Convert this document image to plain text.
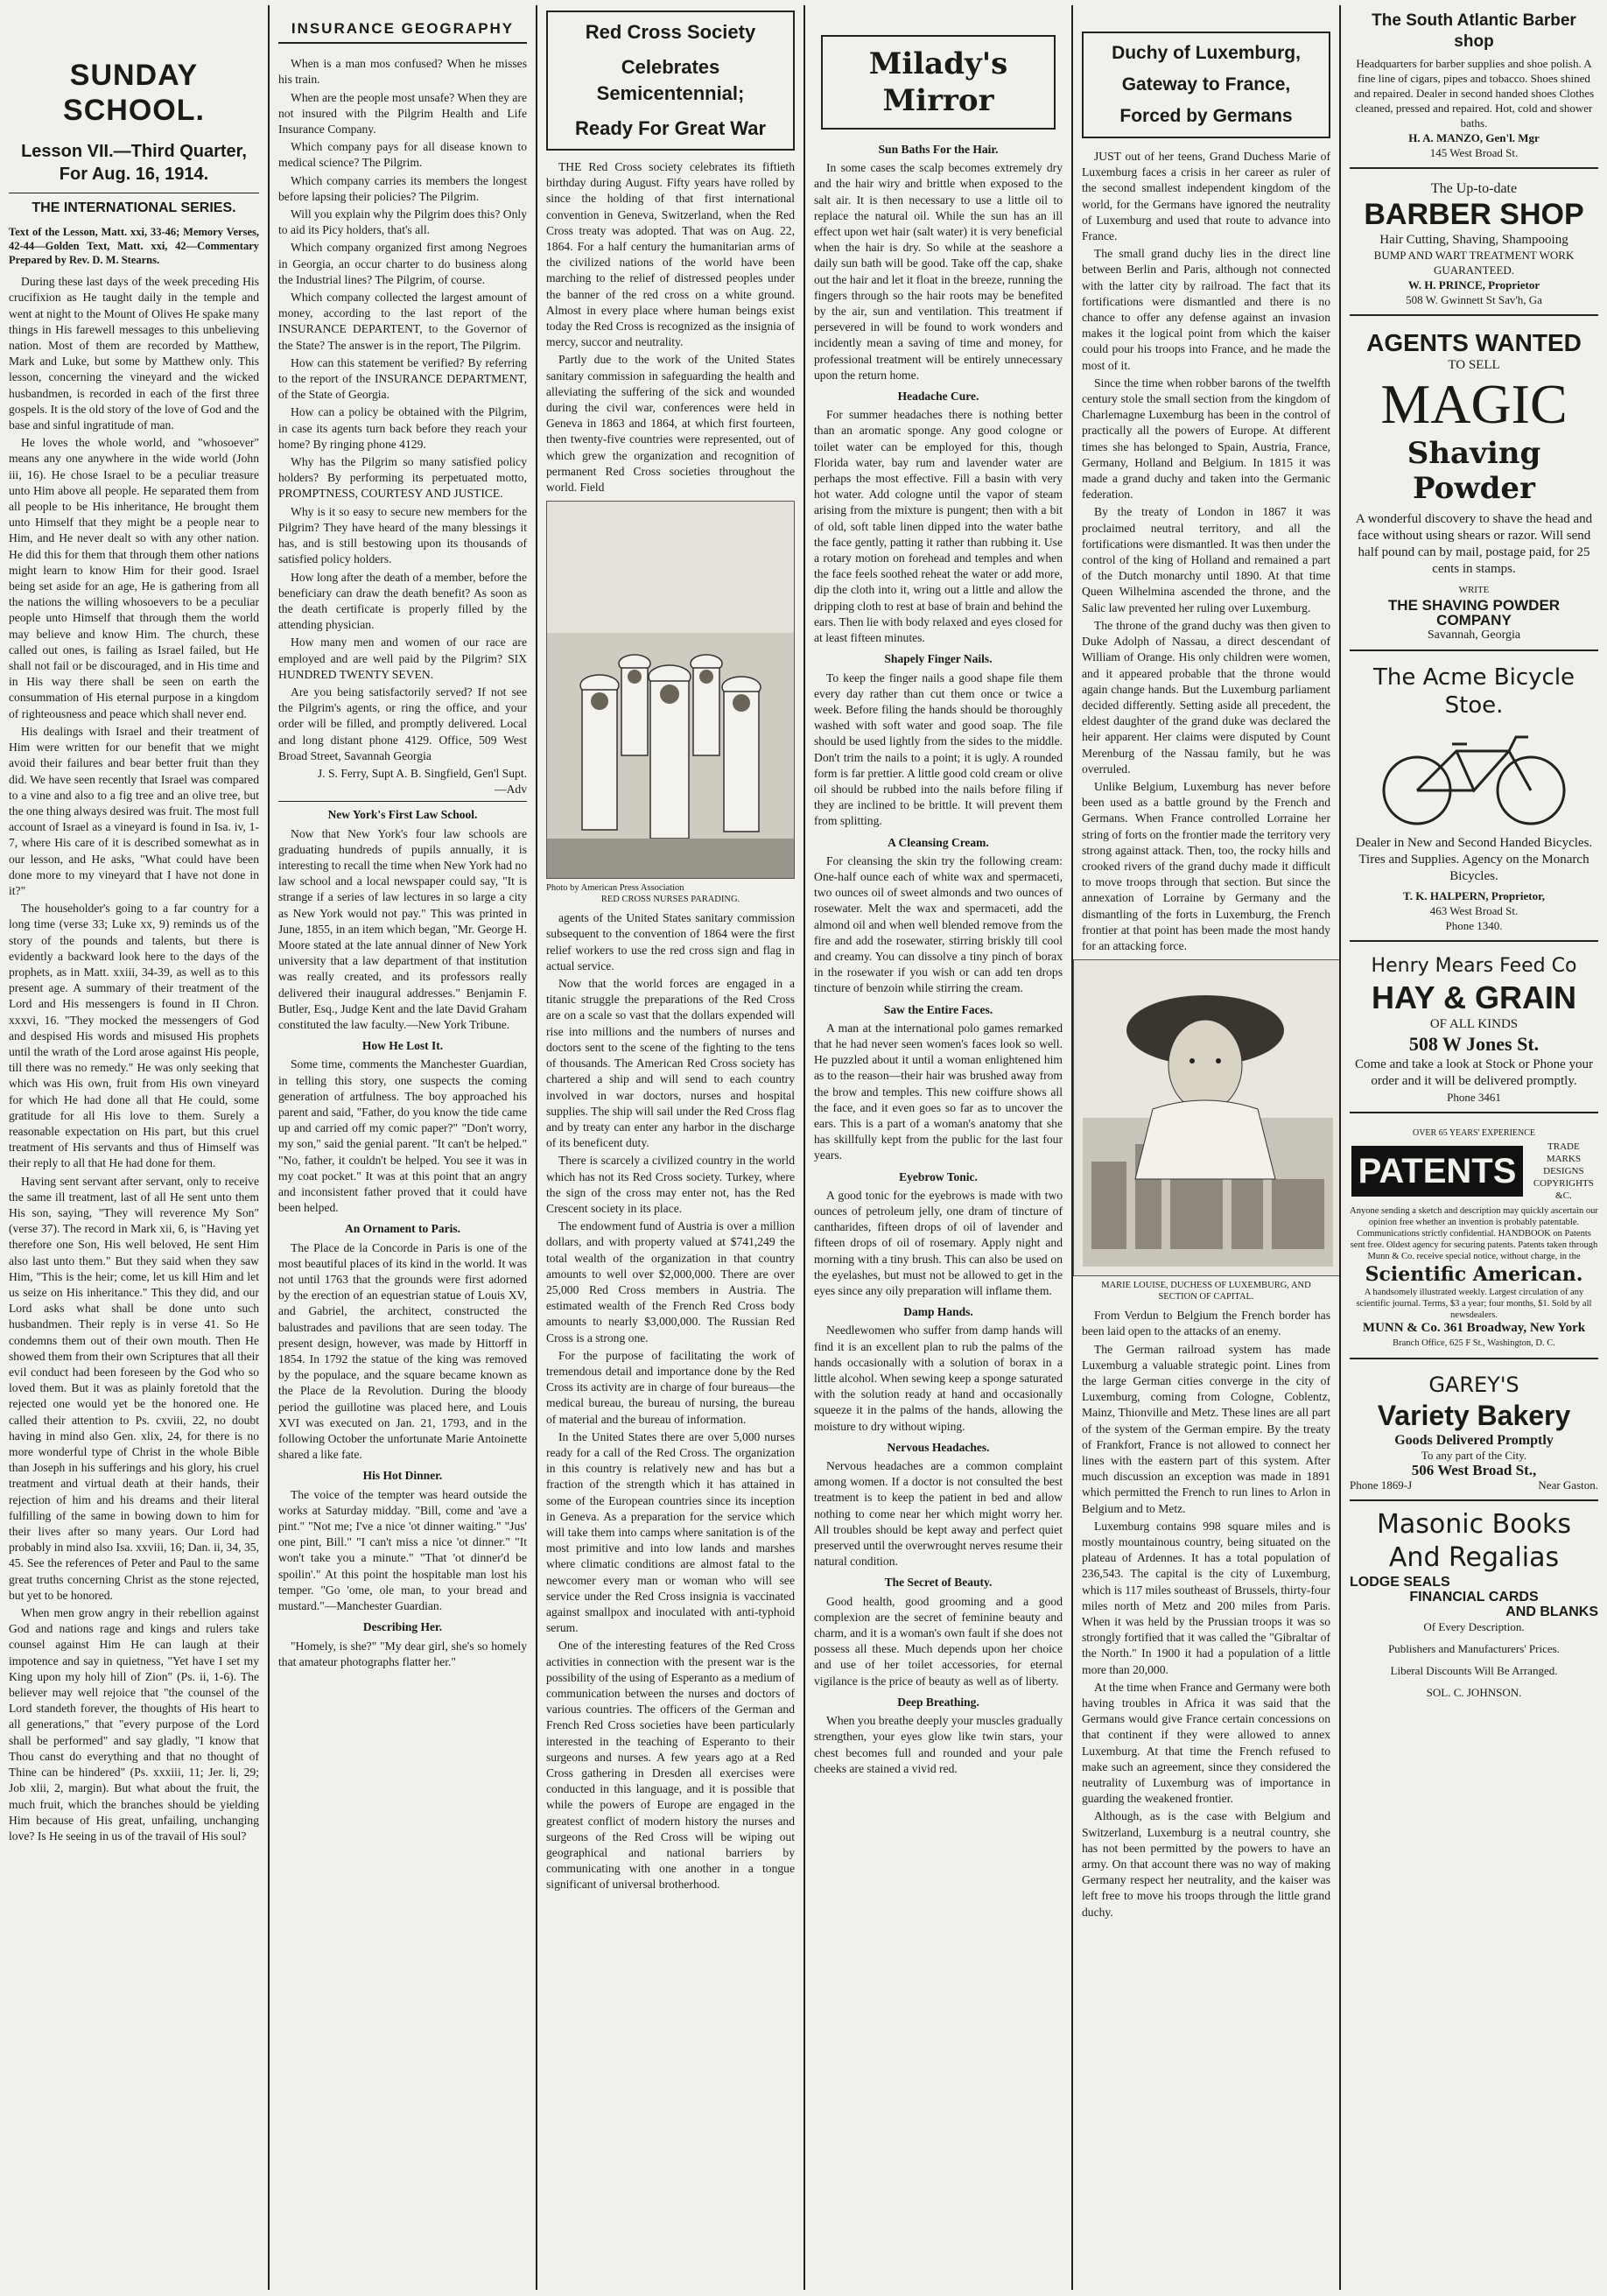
SUNDAY SCHOOL.
Lesson VII.—Third Quarter, For Aug. 16, 1914.
THE INTERNATIONAL SERIES.
Text of the Lesson, Matt. xxi, 33-46; Memory Verses, 42-44—Golden Text, Matt. xxi, 42—Commentary Prepared by Rev. D. M. Stearns.

During these last days of the week preceding His crucifixion as He taught daily in the temple and went at night to the Mount of Olives He spake many things in His farewell messages to this unbelieving nation. Most of them are recorded by Matthew, Mark and Luke, but some by Matthew only. This lesson, concerning the vineyard and the wicked husbandmen, is recorded in each of the first three gospels. It is the old story of the love of God and the base and sinful ingratitude of man.

He loves the whole world, and "whosoever" means any one anywhere in the wide world (John iii, 16). He chose Israel to be a peculiar treasure unto Him above all people. He separated them from all people to be His inheritance, He brought them unto Himself that they might be a people near to Him, and He never dealt so with any other nation. He did this for them that through them other nations might learn to know Him for their good. Israel being set aside for an age, He is gathering from all the nations the willing whosoevers to be a peculiar people unto Himself that through them the world may believe and know Him. The church, these called out ones, is failing as Israel failed, but He shall not fail or be discouraged, and in His time and in His way there shall be seen on earth the consummation of His eternal purpose in a kingdom of righteousness and peace which shall never end.

His dealings with Israel and their treatment of Him were written for our benefit that we might avoid their failures and bear better fruit than they did. We have seen recently that Israel was compared to a vine and also to a fig tree and an olive tree, but the one thing always desired was fruit. The most full account of Israel as a vineyard is found in Isa. iv, 1-7, where His care of it is described somewhat as in our lesson, and He asks, "What could have been done more to my vineyard that I have not done in it?"

The householder's going to a far country for a long time (verse 33; Luke xx, 9) reminds us of the story of the pounds and talents, but there is evidently a backward look here to the days of the prophets, as in Matt. xxiii, 34-39, as well as to this present age. A summary of their treatment of the Lord and His messengers is found in II Chron. xxxvi, 16. "They mocked the messengers of God and despised His words and misused His prophets until the wrath of the Lord arose against His people, till there was no remedy." He was only seeking that which was His own, fruit from His own vineyard for which He had done all that He could, some gratitude for all His love to them. Surely a reasonable expectation on His part, but this cruel treatment of His servants and thus of Himself was their reply to all that He had done for them.

Having sent servant after servant, only to receive the same ill treatment, last of all He sent unto them His son, saying, "They will reverence My Son" (verse 37). The record in Mark xii, 6, is "Having yet therefore one Son, His well beloved, He sent Him also last unto them." But they said when they saw Him, "This is the heir; come, let us kill Him and let us seize on His inheritance." This they did, and our Lord asks what shall be done unto such husbandmen. Their reply is in verse 41. So He condemns them out of their own mouth. Then He showed them from their own Scriptures that all their evil conduct had been foreseen by the God who so loved them. But it was as plainly foretold that the rejected one would yet be the honored one. He called their attention to Ps. cxviii, 22, no doubt having in mind also Gen. xlix, 24, for there is no more wonderful type of Christ in the whole Bible than Joseph in his sufferings and his glory, his cruel treatment and virtual death at their hands, their rejection of him and his dreams and their literal fulfilling of the same in bowing down to him for their lives after so many years. Our Lord had probably in mind also Isa. xxviii, 16; Dan. ii, 34, 35, 45. See the references of Peter and Paul to the same great truths concerning Christ as the stone rejected, but yet to be honored.

When men grow angry in their rebellion against God and nations rage and kings and rulers take counsel against Him He can laugh at their impotence and say in quietness, "Yet have I set my King upon my holy hill of Zion" (Ps. ii, 1-6). The believer may well rejoice that "the counsel of the Lord standeth forever, the thoughts of His heart to all generations," that "every purpose of the Lord shall be performed" and say gladly, "I know that Thou canst do everything and that no thought of Thine can be hindered" (Ps. xxxiii, 11; Jer. li, 29; Job xlii, 2, margin). But what about the fruit, the much fruit, which the branches should be yielding Him because of His great, unfailing, unchanging love? Is He seeing in us of the travail of His soul?

INSURANCE GEOGRAPHY

When is a man mos confused? When he misses his train.

When are the people most unsafe? When they are not insured with the Pilgrim Health and Life Insurance Company.

Which company pays for all disease known to medical science? The Pilgrim.

Which company carries its members the longest before lapsing their policies? The Pilgrim.

Will you explain why the Pilgrim does this? Only to aid its Picy holders, that's all.

Which company organized first among Negroes in Georgia, an occur charter to do business along the Industrial lines? The Pilgrim, of course.

Which company collected the largest amount of money, according to the last report of the INSURANCE DEPARTENT, to the Governor of the State? The answer is in the report, The Pilgrim.

How can this statement be verified? By referring to the report of the INSURANCE DEPARTMENT, of the State of Georgia.

How can a policy be obtained with the Pilgrim, in case its agents turn back before they reach your home? By ringing phone 4129.

Why has the Pilgrim so many satisfied policy holders? By performing its perpetuated motto, PROMPTNESS, COURTESY AND JUSTICE.

Why is it so easy to secure new members for the Pilgrim? They have heard of the many blessings it has, and is still bestowing upon its thousands of satisfied policy holders.

How long after the death of a member, before the beneficiary can draw the death benefit? As soon as the death certificate is properly filled by the attending physician.

How many men and women of our race are employed and are well paid by the Pilgrim? SIX HUNDRED TWENTY SEVEN.

Are you being satisfactorily served? If not see the Pilgrim's agents, or ring the office, and your order will be filled, and promptly delivered. Local and long distant phone 4129. Office, 509 West Broad Street, Savannah Georgia

J. S. Ferry, Supt A. B. Singfield, Gen'l Supt.
—Adv
New York's First Law School.

Now that New York's four law schools are graduating hundreds of pupils annually, it is interesting to recall the time when New York had no law school and a local newspaper could say, "It is strange if a series of law lectures in so large a city as New York would not pay." This was printed in June, 1855, in an item which began, "Mr. George H. Moore stated at the late annual dinner of New York university that a law department of that institution was really created, and its professors really delivered their inaugural addresses." Benjamin F. Butler, Esq., Judge Kent and the late David Graham constituted the law faculty.—New York Tribune.

How He Lost It.

Some time, comments the Manchester Guardian, in telling this story, one suspects the coming generation of artfulness. The boy approached his parent and said, "Father, do you know the tide came up and carried off my comic paper?" "Don't worry, my son," said the genial parent. "It can't be helped." "No, father, it couldn't be helped. You see it was in my coat pocket." It was at this point that an angry and inconsistent father proved that it could have been helped.

An Ornament to Paris.

The Place de la Concorde in Paris is one of the most beautiful places of its kind in the world. It was not until 1763 that the grounds were first adorned by the erection of an equestrian statue of Louis XV, and Gabriel, the architect, constructed the balustrades and pavilions that are seen today. The present design, however, was made by Hittorff in 1854. In 1792 the statue of the king was removed by the populace, and the square became known as the Place de la Revolution. During the bloody period the guillotine was placed here, and Louis XVI was executed on Jan. 21, 1793, and in the following October the unfortunate Marie Antoinette shared a like fate.

His Hot Dinner.

The voice of the tempter was heard outside the works at Saturday midday. "Bill, come and 'ave a pint." "Not me; I've a nice 'ot dinner waiting." "Jus' one pint, Bill." "I can't miss a nice 'ot dinner." "It won't take you a minute." "That 'ot dinner'd be spoilin'." At this point the hospitable man lost his temper. "Go 'ome, ole man, to your bread and mustard."—Manchester Guardian.

Describing Her.

"Homely, is she?" "My dear girl, she's so homely that amateur photographs flatter her."

Red Cross Society
Celebrates Semicentennial;
Ready For Great War

THE Red Cross society celebrates its fiftieth birthday during August. Fifty years have rolled by since the holding of that first international convention in Geneva, Switzerland, when the Red Cross treaty was adopted. That was on Aug. 22, 1864. For a half century the humanitarian arms of the civilized nations of the world have been marching to the relief of distressed peoples under the banner of the red cross on a white ground. Almost in every place where human beings exist today the Red Cross is recognized as the insignia of mercy, succor and neutrality.

Partly due to the work of the United States sanitary commission in safeguarding the health and alleviating the suffering of the sick and wounded during the civil war, conferences were held in Geneva in 1863 and 1864, at which first fourteen, then twenty-five countries were represented, out of which grew the organization and recognition of permanent Red Cross societies throughout the world. Field

Photo by American Press Association
RED CROSS NURSES PARADING.

agents of the United States sanitary commission subsequent to the convention of 1864 were the first relief workers to use the red cross sign and flag in actual service.

Now that the world forces are engaged in a titanic struggle the preparations of the Red Cross are on a scale so vast that the dollars expended will rise into millions and the numbers of nurses and doctors sent to the scene of the fighting to the tens of thousands. The American Red Cross society has chartered a ship and will send to each country involved in war doctors, nurses and hospital supplies. The ship will sail under the Red Cross flag and by treaty can enter any harbor in the discharge of its beneficent duty.

There is scarcely a civilized country in the world which has not its Red Cross society. Turkey, where the sign of the cross may enter not, has the Red Crescent society in its place.

The endowment fund of Austria is over a million dollars, and with property valued at $741,249 the total wealth of the organization in that country amounts to well over $2,000,000. There are over 25,000 Red Cross members in Austria. The estimated wealth of the French Red Cross body amounts to nearly $3,000,000. The Russian Red Cross is a strong one.

For the purpose of facilitating the work of tremendous detail and importance done by the Red Cross its activity are in charge of four bureaus—the medical bureau, the bureau of nursing, the bureau of material and the bureau of information.

In the United States there are over 5,000 nurses ready for a call of the Red Cross. The organization in this country is relatively new and has but a fraction of the strength which it has attained in some of the European countries since its inception in Geneva. As a preparation for the service which will take them into camps where sanitation is of the most primitive and into low lands and marshes where climatic conditions are almost fatal to the newcomer every man or woman who will see service under the Red Cross insignia is vaccinated against smallpox and inoculated with anti-typhoid serum.

One of the interesting features of the Red Cross activities in connection with the present war is the possibility of the using of Esperanto as a medium of communication between the nurses and doctors of various countries. The officers of the German and French Red Cross societies have been particularly interested in the teaching of Esperanto to their surgeons and nurses. A few years ago at a Red Cross gathering in Dresden all exercises were conducted in this language, and it is possible that while the powers of Europe are engaged in the greatest conflict of modern history the nurses and surgeons of the Red Cross will be wiping out geographical and national barriers by communicating with one another in a tongue significant of universal brotherhood.

Milady's
Mirror
Sun Baths For the Hair.

In some cases the scalp becomes extremely dry and the hair wiry and brittle when exposed to the salt air. It is then necessary to use a little oil to replace the natural oil. While the sun has an ill effect upon wet hair (salt water) it is very beneficial when the hair is dry. So while at the seashore a daily sun bath will be good. Take off the cap, shake out the hair and let it float in the breeze, running the fingers through so the hair roots may be benefited by the air, sun and ventilation. This treatment if persevered in will be found to work wonders and incidently mean a saving of time and money, for professional treatment will be entirely unnecessary upon the return home.

Headache Cure.

For summer headaches there is nothing better than an aromatic sponge. Any good cologne or toilet water can be employed for this, though Florida water, bay rum and lavender water are perhaps the most effective. Fill a basin with very hot water. Add cologne until the vapor of steam arising from the mixture is pungent; then with a bit of old, soft table linen dipped into the water bathe the face gently, patting it rather than rubbing it. Use a rotary motion on forehead and temples and when the face feels soothed reheat the water or add more, dip the cloth into it, wring out a little and allow the dripping cloth to rest at base of brain and behind the ears. Then lie with body relaxed and eyes closed for at least fifteen minutes.

Shapely Finger Nails.

To keep the finger nails a good shape file them every day rather than cut them once or twice a week. Before filing the hands should be thoroughly washed with soft water and good soap. The file should be used lightly from the sides to the middle. Don't trim the nails to a point; it is ugly. A rounded form is far prettier. A little good cold cream or olive oil should be rubbed into the nails before filing if they are inclined to be brittle. It will prevent them from splitting.

A Cleansing Cream.

For cleansing the skin try the following cream: One-half ounce each of white wax and spermaceti, two ounces oil of sweet almonds and two ounces of rosewater. Melt the wax and spermaceti, add the almond oil and when well blended remove from the fire and add the rosewater, stirring briskly till cool and creamy. You can dissolve a tiny pinch of borax in the rosewater if you wish or can add ten drops tincture of benzoin while stirring the cream.

Saw the Entire Faces.

A man at the international polo games remarked that he had never seen women's faces look so well. He puzzled about it until a woman enlightened him as to the reason—their hair was brushed away from the brow and temples. This new coiffure shows all the face, and it even goes so far as to uncover the ears. This is a part of a woman's anatomy that she has skillfully kept from the public for the last four years.

Eyebrow Tonic.

A good tonic for the eyebrows is made with two ounces of petroleum jelly, one dram of tincture of cantharides, fifteen drops of oil of lavender and fifteen drops of oil of rosemary. Apply night and morning with a tiny brush. This can also be used on the eyelashes, but must not be allowed to get in the eyes since any oily preparation will inflame them.

Damp Hands.

Needlewomen who suffer from damp hands will find it is an excellent plan to rub the palms of the hands occasionally with a solution of borax in a little alcohol. When sewing keep a sponge saturated with the solution ready at hand and occasionally squeeze it in the palms of the hands, allowing the moisture to dry without wiping.

Nervous Headaches.

Nervous headaches are a common complaint among women. If a doctor is not consulted the best treatment is to keep the patient in bed and allow nothing to come near her which might worry her. All troubles should be kept away and perfect quiet preserved until the overwrought nerves resume their natural condition.

The Secret of Beauty.

Good health, good grooming and a good complexion are the secret of feminine beauty and charm, and it is a woman's own fault if she does not possess all these. Much depends upon her choice and use of her toilet accessories, for eternal vigilance is the price of beauty as well as of liberty.

Deep Breathing.

When you breathe deeply your muscles gradually strengthen, your eyes glow like twin stars, your chest becomes full and rounded and your pale cheeks are stained a vivid red.

Duchy of Luxemburg,
Gateway to France,
Forced by Germans

JUST out of her teens, Grand Duchess Marie of Luxemburg faces a crisis in her career as ruler of the second smallest independent kingdom of the world, for the Germans have ignored the neutrality of Luxemburg and used that route to advance into France.

The small grand duchy lies in the direct line between Berlin and Paris, although not connected with the latter city by railroad. The fact that its fortifications were dismantled and there is no chance to offer any defense against an invasion makes it the logical point from which the kaiser could pour his troops into France, and he made the most of it.

Since the time when robber barons of the twelfth century stole the small section from the kingdom of Charlemagne Luxemburg has been in the control of practically all the powers of Europe. At different times she has belonged to Spain, Austria, France, Germany, Holland and Belgium. In 1815 it was made a grand duchy and taken into the Germanic federation.

By the treaty of London in 1867 it was proclaimed neutral territory, and all the fortifications were dismantled. It was then under the control of the king of Holland and remained a part of the Dutch monarchy until 1890. At that time Queen Wilhelmina ascended the throne, and the Salic law prevented her ruling over Luxemburg.

The throne of the grand duchy was then given to Duke Adolph of Nassau, a direct descendant of William of Orange. His only children were women, and it appeared probable that the throne would again change hands. But the Luxemburg parliament decided differently. Setting aside all precedent, the eldest daughter of the grand duke was declared the heir apparent. Her claims were disputed by Count Merenburg of the Nassau family, but he was overruled.

Unlike Belgium, Luxemburg has never before been used as a battle ground by the French and Germans. When France controlled Lorraine her string of forts on the frontier made the territory very strong against attack. Then, too, the rocky hills and crooked rivers of the grand duchy made it difficult to move troops through that section. But since the annexation of Lorraine by Germany and the dismantling of the forts in Luxemburg, the French frontier at that point has been made the most handy for an attacking force.

MARIE LOUISE, DUCHESS OF LUXEMBURG, AND SECTION OF CAPITAL.

From Verdun to Belgium the French border has been laid open to the attacks of an enemy.

The German railroad system has made Luxemburg a valuable strategic point. Lines from the large German cities converge in the city of Luxemburg, coming from Cologne, Coblentz, Mainz, Thionville and Metz. These lines are all part of the system of the German empire. By the treaty of Frankfort, France is not allowed to connect her lines with the eastern part of this system. After much discussion an exception was made in 1891 which permitted the French to run lines to Arlon in Belgium and to Metz.

Luxemburg contains 998 square miles and is mostly mountainous country, being situated on the plateau of Ardennes. It has a total population of 236,543. The capital is the city of Luxemburg, which is 117 miles southeast of Brussels, thirty-four miles north of Metz and 200 miles from Paris. When it was held by the Prussian troops it was so strongly fortified that it was called the "Gibraltar of the North." In 1900 it had a population of a little more than 20,000.

At the time when France and Germany were both having troubles in Africa it was said that the Germans would give France certain concessions on that continent if they were allowed to annex Luxemburg. At that time the French refused to make such an agreement, since they considered the neutrality of Luxemburg was of importance in guarding the weakened frontier.

Although, as is the case with Belgium and Switzerland, Luxemburg is a neutral country, she has not been permitted by the powers to have an army. On that account there was no way of making Germany respect her neutrality, and the kaiser was left free to move his troops through the little grand duchy.

The South Atlantic Barber shop
Headquarters for barber supplies and shoe polish. A fine line of cigars, pipes and tobacco. Shoes shined and repaired. Dealer in second handed shoes Clothes cleaned, pressed and repaired. Hot, cold and shower baths.
H. A. MANZO, Gen'l. Mgr
145 West Broad St.
The Up-to-date
BARBER SHOP
Hair Cutting, Shaving, Shampooing
BUMP AND WART TREATMENT WORK GUARANTEED.
W. H. PRINCE, Proprietor
508 W. Gwinnett St Sav'h, Ga
AGENTS WANTED
TO SELL
MAGIC
Shaving Powder
A wonderful discovery to shave the head and face without using shears or razor. Will send half pound can by mail, postage paid, for 25 cents in stamps.
WRITE
THE SHAVING POWDER COMPANY
Savannah, Georgia
The Acme Bicycle Stoe.
Dealer in New and Second Handed Bicycles. Tires and Supplies. Agency on the Monarch Bicycles.
T. K. HALPERN, Proprietor,
463 West Broad St.
Phone 1340.
Henry Mears Feed Co
HAY & GRAIN
OF ALL KINDS
508 W Jones St.
Come and take a look at Stock or Phone your order and it will be delivered promptly.
Phone 3461
OVER 65 YEARS' EXPERIENCE
PATENTS
TRADE MARKS DESIGNS COPYRIGHTS &C.
Anyone sending a sketch and description may quickly ascertain our opinion free whether an invention is probably patentable. Communications strictly confidential. HANDBOOK on Patents sent free. Oldest agency for securing patents. Patents taken through Munn & Co. receive special notice, without charge, in the
Scientific American.
A handsomely illustrated weekly. Largest circulation of any scientific journal. Terms, $3 a year; four months, $1. Sold by all newsdealers.
MUNN & Co. 361 Broadway, New York
Branch Office, 625 F St., Washington, D. C.
GAREY'S
Variety Bakery
Goods Delivered Promptly
To any part of the City.
506 West Broad St.,
Phone 1869-J	Near Gaston.
Masonic Books
And Regalias
LODGE SEALS
FINANCIAL CARDS
AND BLANKS
Of Every Description.
Publishers and Manufacturers' Prices.
Liberal Discounts Will Be Arranged.
SOL. C. JOHNSON.
